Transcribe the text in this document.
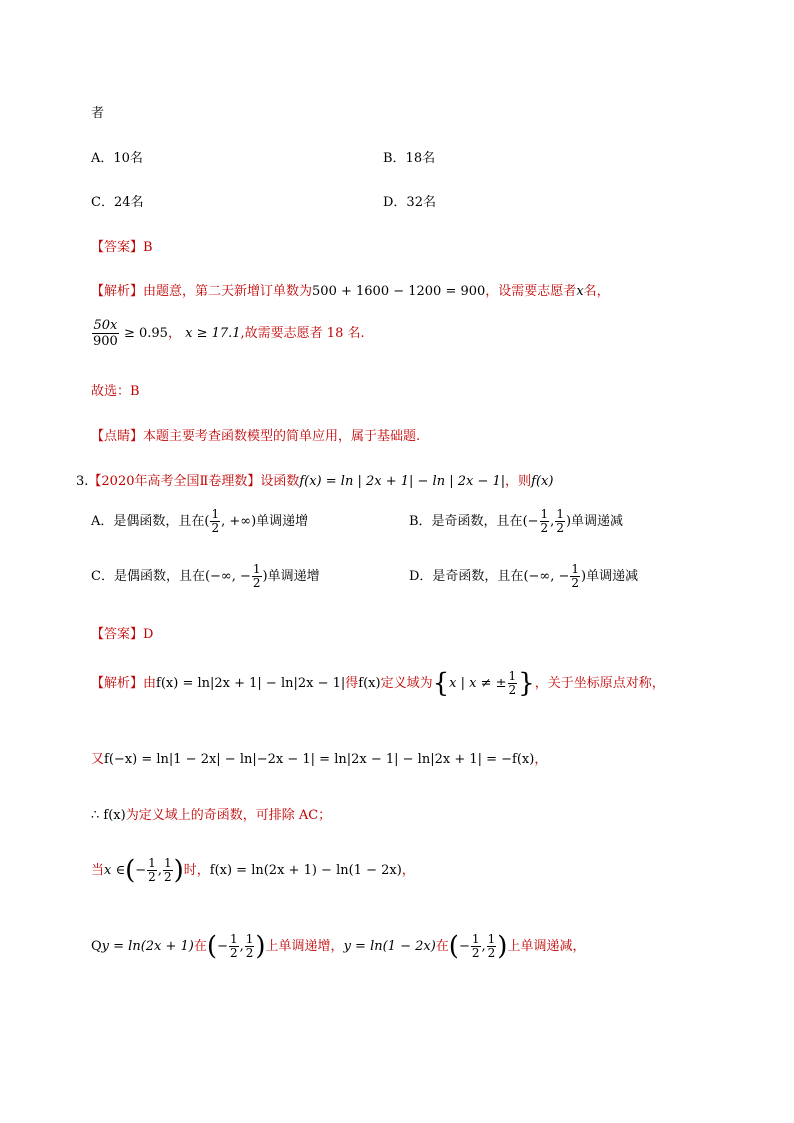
者
A．10名	B．18名
C．24名	D．32名
【答案】B
【解析】由题意，第二天新增订单数为500 + 1600 − 1200 = 900，设需要志愿者x名，
$\frac{50x}{900} \ge 0.95$， x ≥ 17.1,故需要志愿者 18 名.
故选：B
【点睛】本题主要考查函数模型的简单应用，属于基础题.
3.【2020年高考全国Ⅱ卷理数】设函数f(x) = ln | 2x + 1| − ln | 2x − 1|，则f(x)
A．是偶函数，且在( $\frac{1}{2}$ , +∞)单调递增	B．是奇函数，且在(− $\frac{1}{2}$ , $\frac{1}{2}$ )单调递减
C．是偶函数，且在(−∞, − $\frac{1}{2}$ )单调递增	D．是奇函数，且在(−∞, − $\frac{1}{2}$ )单调递减
【答案】D
【解析】由f(x) = ln|2x + 1| − ln|2x − 1|得f(x)定义域为{x | x ≠ ± $\frac{1}{2}$ }，关于坐标原点对称，
又f(−x) = ln|1 − 2x| − ln|−2x − 1| = ln|2x − 1| − ln|2x + 1| = −f(x)，
∴ f(x)为定义域上的奇函数，可排除 AC；
当x ∈(− $\frac{1}{2}$ , $\frac{1}{2}$ )时，f(x) = ln(2x + 1) − ln(1 − 2x)，
Qy = ln(2x + 1)在(− $\frac{1}{2}$ , $\frac{1}{2}$ )上单调递增，y = ln(1 − 2x)在(− $\frac{1}{2}$ , $\frac{1}{2}$ )上单调递减，
